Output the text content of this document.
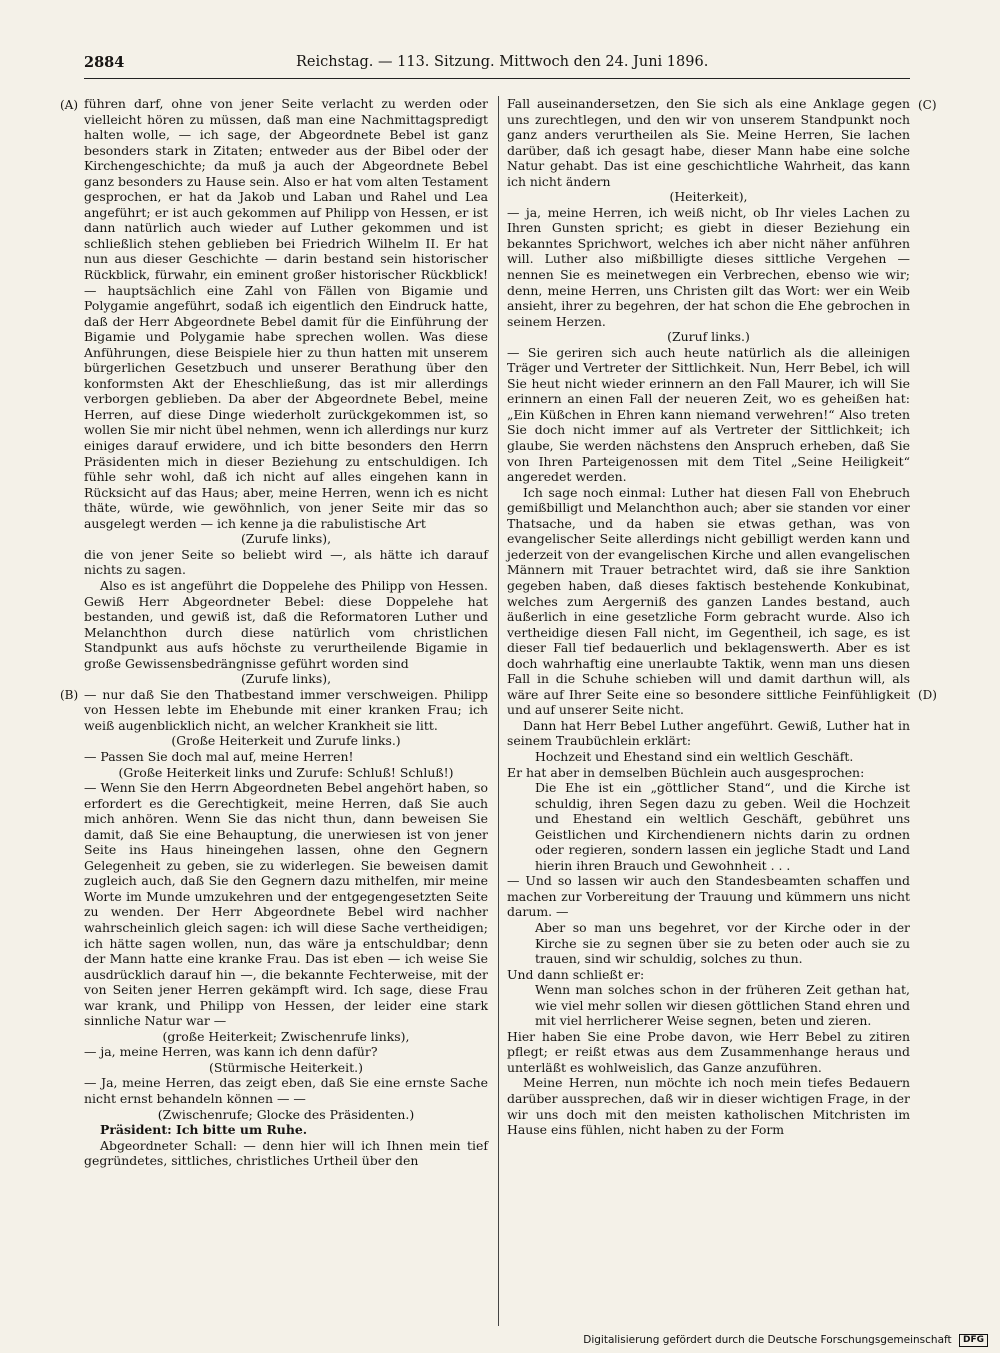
2884	Reichstag. — 113. Sitzung. Mittwoch den 24. Juni 1896.
(A)
(B)
(C)
(D)

führen darf, ohne von jener Seite verlacht zu werden oder vielleicht hören zu müssen, daß man eine Nachmittagspredigt halten wolle, — ich sage, der Abgeordnete Bebel ist ganz besonders stark in Zitaten; entweder aus der Bibel oder der Kirchengeschichte; da muß ja auch der Abgeordnete Bebel ganz besonders zu Hause sein. Also er hat vom alten Testament gesprochen, er hat da Jakob und Laban und Rahel und Lea angeführt; er ist auch gekommen auf Philipp von Hessen, er ist dann natürlich auch wieder auf Luther gekommen und ist schließlich stehen geblieben bei Friedrich Wilhelm II. Er hat nun aus dieser Geschichte — darin bestand sein historischer Rückblick, fürwahr, ein eminent großer historischer Rückblick! — hauptsächlich eine Zahl von Fällen von Bigamie und Polygamie angeführt, sodaß ich eigentlich den Eindruck hatte, daß der Herr Abgeordnete Bebel damit für die Einführung der Bigamie und Polygamie habe sprechen wollen. Was diese Anführungen, diese Beispiele hier zu thun hatten mit unserem bürgerlichen Gesetzbuch und unserer Berathung über den konformsten Akt der Eheschließung, das ist mir allerdings verborgen geblieben. Da aber der Abgeordnete Bebel, meine Herren, auf diese Dinge wiederholt zurückgekommen ist, so wollen Sie mir nicht übel nehmen, wenn ich allerdings nur kurz einiges darauf erwidere, und ich bitte besonders den Herrn Präsidenten mich in dieser Beziehung zu entschuldigen. Ich fühle sehr wohl, daß ich nicht auf alles eingehen kann in Rücksicht auf das Haus; aber, meine Herren, wenn ich es nicht thäte, würde, wie gewöhnlich, von jener Seite mir das so ausgelegt werden — ich kenne ja die rabulistische Art

(Zurufe links),

die von jener Seite so beliebt wird —, als hätte ich darauf nichts zu sagen.

Also es ist angeführt die Doppelehe des Philipp von Hessen. Gewiß Herr Abgeordneter Bebel: diese Doppelehe hat bestanden, und gewiß ist, daß die Reformatoren Luther und Melanchthon durch diese natürlich vom christlichen Standpunkt aus aufs höchste zu verurtheilende Bigamie in große Gewissensbedrängnisse geführt worden sind

(Zurufe links),

— nur daß Sie den Thatbestand immer verschweigen. Philipp von Hessen lebte im Ehebunde mit einer kranken Frau; ich weiß augenblicklich nicht, an welcher Krankheit sie litt.

(Große Heiterkeit und Zurufe links.)

— Passen Sie doch mal auf, meine Herren!

(Große Heiterkeit links und Zurufe: Schluß! Schluß!)

— Wenn Sie den Herrn Abgeordneten Bebel angehört haben, so erfordert es die Gerechtigkeit, meine Herren, daß Sie auch mich anhören. Wenn Sie das nicht thun, dann beweisen Sie damit, daß Sie eine Behauptung, die unerwiesen ist von jener Seite ins Haus hineingehen lassen, ohne den Gegnern Gelegenheit zu geben, sie zu widerlegen. Sie beweisen damit zugleich auch, daß Sie den Gegnern dazu mithelfen, mir meine Worte im Munde umzukehren und der entgegengesetzten Seite zu wenden. Der Herr Abgeordnete Bebel wird nachher wahrscheinlich gleich sagen: ich will diese Sache vertheidigen; ich hätte sagen wollen, nun, das wäre ja entschuldbar; denn der Mann hatte eine kranke Frau. Das ist eben — ich weise Sie ausdrücklich darauf hin —, die bekannte Fechterweise, mit der von Seiten jener Herren gekämpft wird. Ich sage, diese Frau war krank, und Philipp von Hessen, der leider eine stark sinnliche Natur war —

(große Heiterkeit; Zwischenrufe links),

— ja, meine Herren, was kann ich denn dafür?

(Stürmische Heiterkeit.)

— Ja, meine Herren, das zeigt eben, daß Sie eine ernste Sache nicht ernst behandeln können — —

(Zwischenrufe; Glocke des Präsidenten.)

Präsident: Ich bitte um Ruhe.

Abgeordneter Schall: — denn hier will ich Ihnen mein tief gegründetes, sittliches, christliches Urtheil über den

Fall auseinandersetzen, den Sie sich als eine Anklage gegen uns zurechtlegen, und den wir von unserem Standpunkt noch ganz anders verurtheilen als Sie. Meine Herren, Sie lachen darüber, daß ich gesagt habe, dieser Mann habe eine solche Natur gehabt. Das ist eine geschichtliche Wahrheit, das kann ich nicht ändern

(Heiterkeit),

— ja, meine Herren, ich weiß nicht, ob Ihr vieles Lachen zu Ihren Gunsten spricht; es giebt in dieser Beziehung ein bekanntes Sprichwort, welches ich aber nicht näher anführen will. Luther also mißbilligte dieses sittliche Vergehen — nennen Sie es meinetwegen ein Verbrechen, ebenso wie wir; denn, meine Herren, uns Christen gilt das Wort: wer ein Weib ansieht, ihrer zu begehren, der hat schon die Ehe gebrochen in seinem Herzen.

(Zuruf links.)

— Sie geriren sich auch heute natürlich als die alleinigen Träger und Vertreter der Sittlichkeit. Nun, Herr Bebel, ich will Sie heut nicht wieder erinnern an den Fall Maurer, ich will Sie erinnern an einen Fall der neueren Zeit, wo es geheißen hat: „Ein Küßchen in Ehren kann niemand verwehren!“ Also treten Sie doch nicht immer auf als Vertreter der Sittlichkeit; ich glaube, Sie werden nächstens den Anspruch erheben, daß Sie von Ihren Parteigenossen mit dem Titel „Seine Heiligkeit“ angeredet werden.

Ich sage noch einmal: Luther hat diesen Fall von Ehebruch gemißbilligt und Melanchthon auch; aber sie standen vor einer Thatsache, und da haben sie etwas gethan, was von evangelischer Seite allerdings nicht gebilligt werden kann und jederzeit von der evangelischen Kirche und allen evangelischen Männern mit Trauer betrachtet wird, daß sie ihre Sanktion gegeben haben, daß dieses faktisch bestehende Konkubinat, welches zum Aergerniß des ganzen Landes bestand, auch äußerlich in eine gesetzliche Form gebracht wurde. Also ich vertheidige diesen Fall nicht, im Gegentheil, ich sage, es ist dieser Fall tief bedauerlich und beklagenswerth. Aber es ist doch wahrhaftig eine unerlaubte Taktik, wenn man uns diesen Fall in die Schuhe schieben will und damit darthun will, als wäre auf Ihrer Seite eine so besondere sittliche Feinfühligkeit und auf unserer Seite nicht.

Dann hat Herr Bebel Luther angeführt. Gewiß, Luther hat in seinem Traubüchlein erklärt:

Hochzeit und Ehestand sind ein weltlich Geschäft.

Er hat aber in demselben Büchlein auch ausgesprochen:

Die Ehe ist ein „göttlicher Stand“, und die Kirche ist schuldig, ihren Segen dazu zu geben. Weil die Hochzeit und Ehestand ein weltlich Geschäft, gebühret uns Geistlichen und Kirchendienern nichts darin zu ordnen oder regieren, sondern lassen ein jegliche Stadt und Land hierin ihren Brauch und Gewohnheit . . .

— Und so lassen wir auch den Standesbeamten schaffen und machen zur Vorbereitung der Trauung und kümmern uns nicht darum. —

Aber so man uns begehret, vor der Kirche oder in der Kirche sie zu segnen über sie zu beten oder auch sie zu trauen, sind wir schuldig, solches zu thun.

Und dann schließt er:

Wenn man solches schon in der früheren Zeit gethan hat, wie viel mehr sollen wir diesen göttlichen Stand ehren und mit viel herrlicherer Weise segnen, beten und zieren.

Hier haben Sie eine Probe davon, wie Herr Bebel zu zitiren pflegt; er reißt etwas aus dem Zusammenhange heraus und unterläßt es wohlweislich, das Ganze anzuführen.

Meine Herren, nun möchte ich noch mein tiefes Bedauern darüber aussprechen, daß wir in dieser wichtigen Frage, in der wir uns doch mit den meisten katholischen Mitchristen im Hause eins fühlen, nicht haben zu der Form

Digitalisierung gefördert durch die Deutsche Forschungsgemeinschaft DFG
